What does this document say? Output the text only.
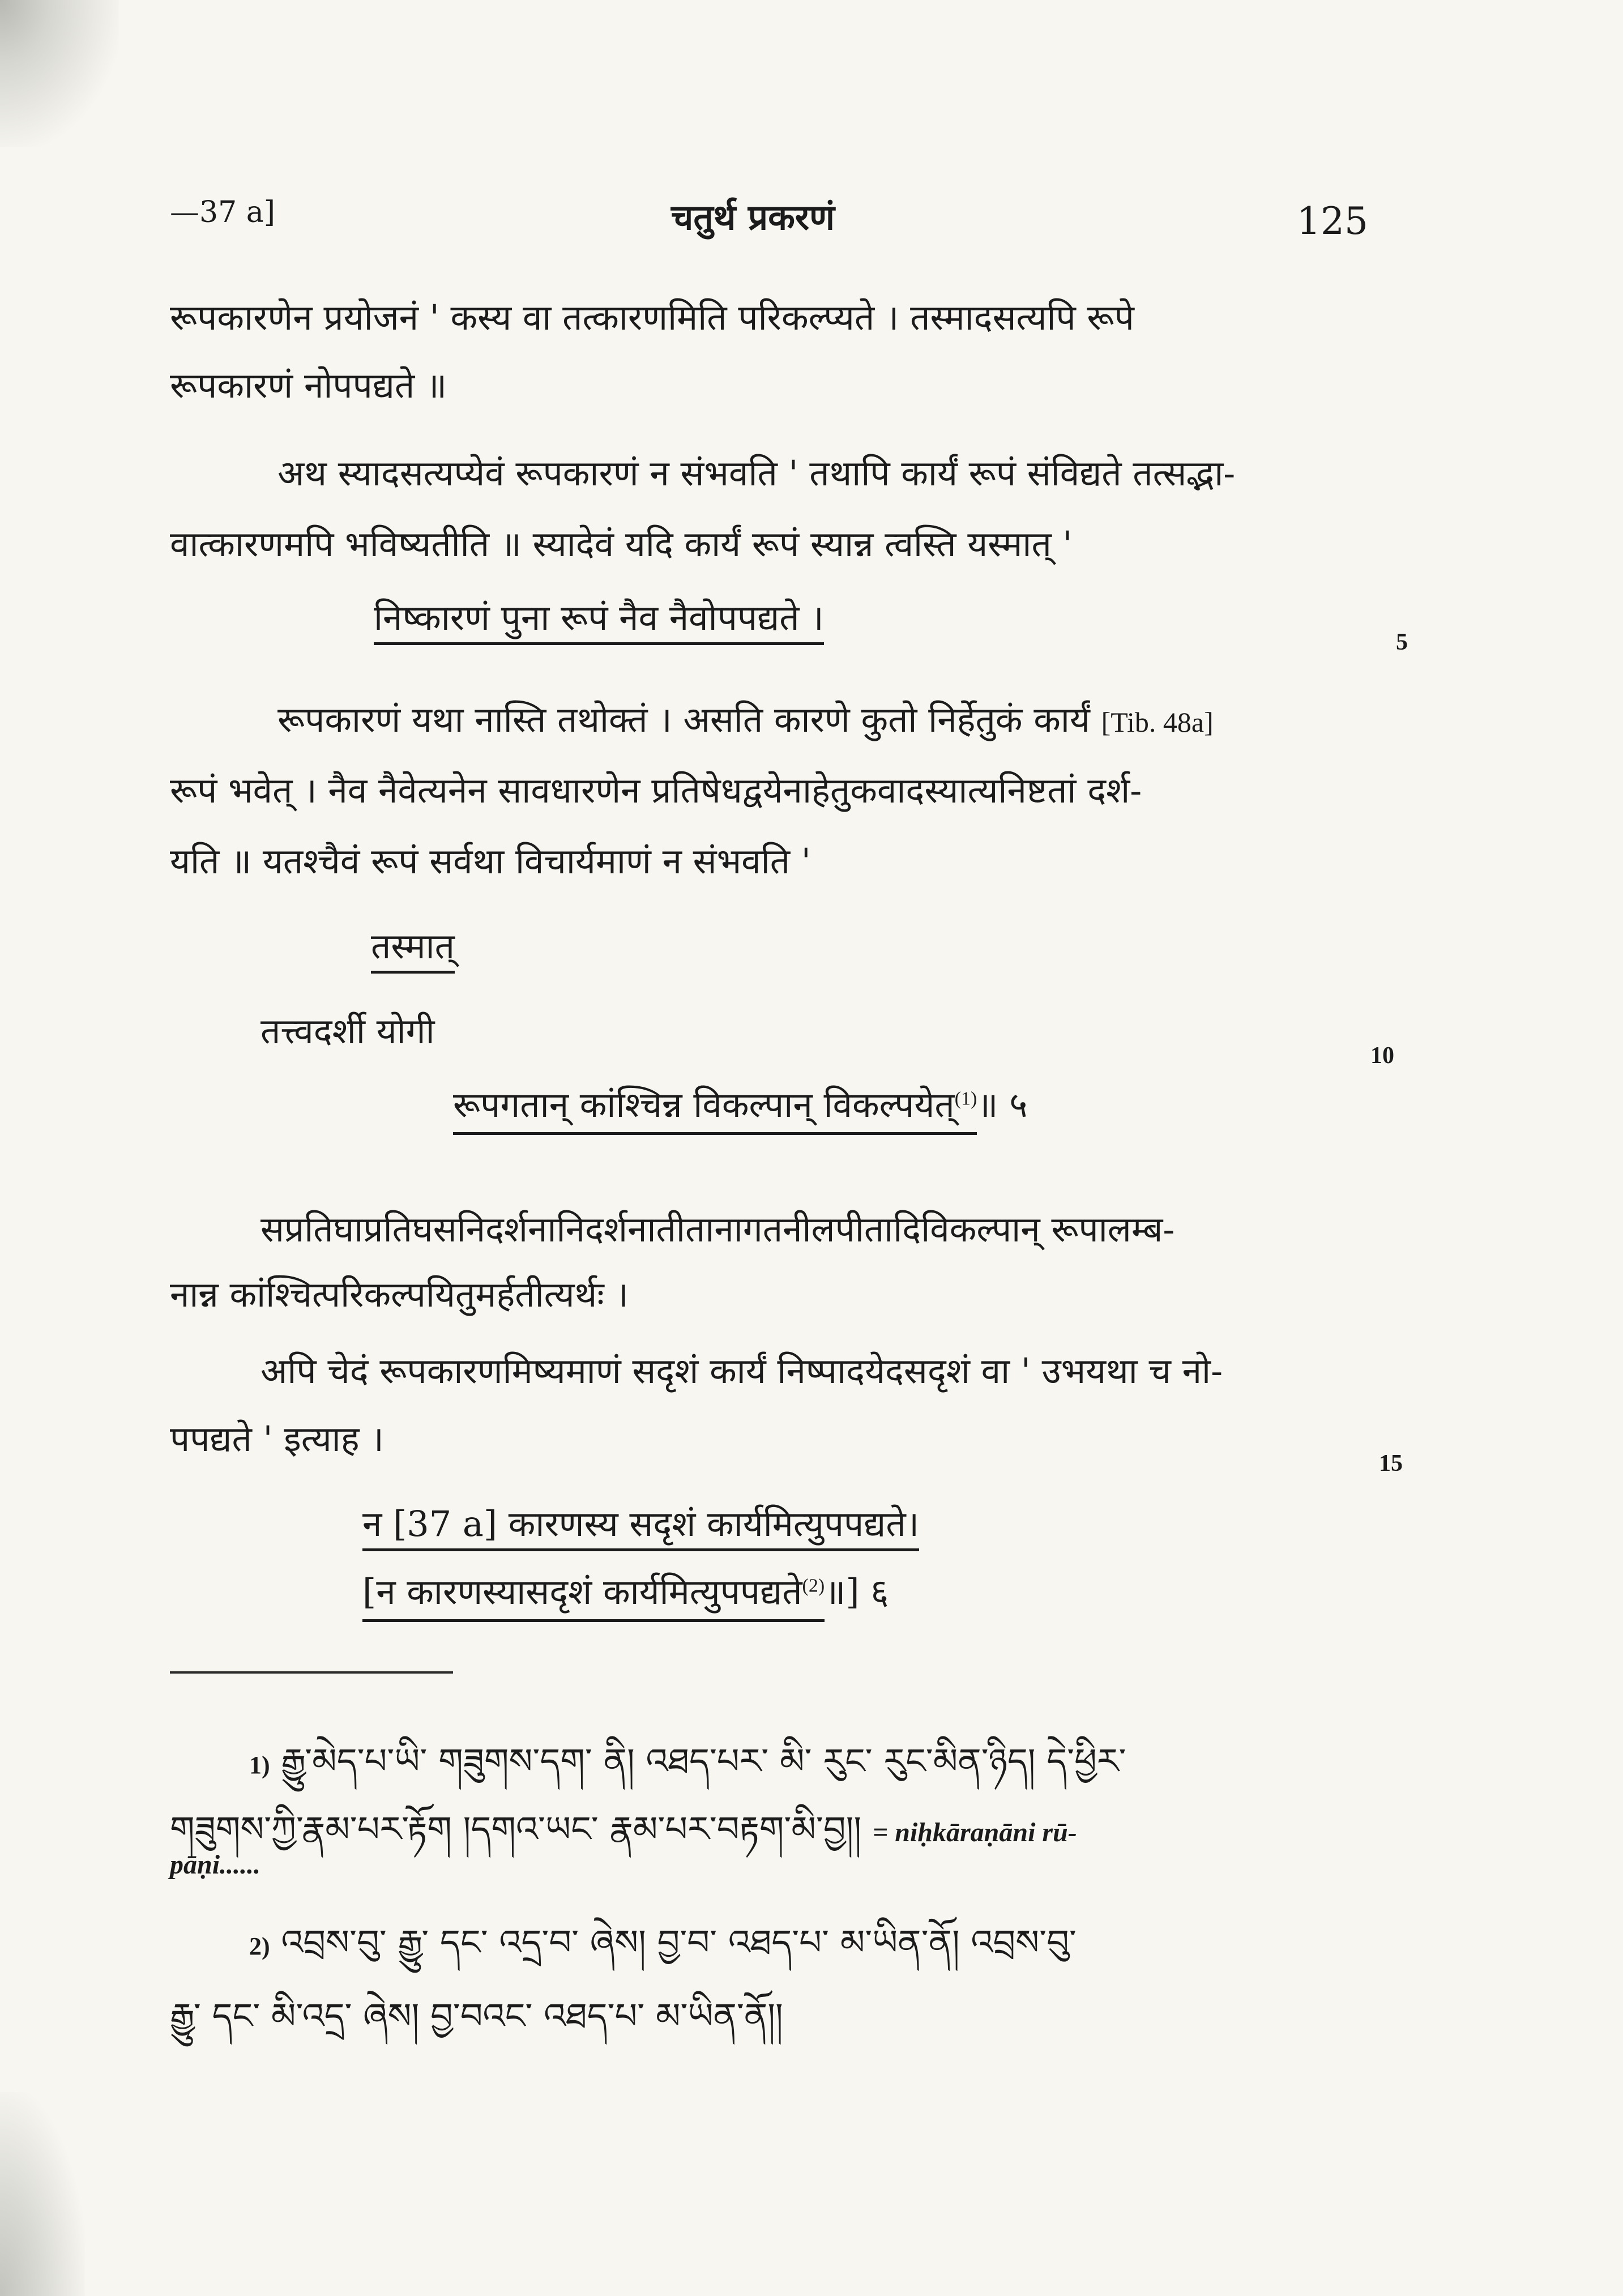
—37 a]	चतुर्थ प्रकरणं	125
रूपकारणेन प्रयोजनं ' कस्य वा तत्कारणमिति परिकल्प्यते । तस्मादसत्यपि रूपे
रूपकारणं नोपपद्यते ॥
अथ स्यादसत्यप्येवं रूपकारणं न संभवति ' तथापि कार्यं रूपं संविद्यते तत्सद्भा-
वात्कारणमपि भविष्यतीति ॥ स्यादेवं यदि कार्यं रूपं स्यान्न त्वस्ति यस्मात् '
निष्कारणं पुना रूपं नैव नैवोपपद्यते ।
5
रूपकारणं यथा नास्ति तथोक्तं । असति कारणे कुतो निर्हेतुकं कार्यं [Tib. 48a]
रूपं भवेत् । नैव नैवेत्यनेन सावधारणेन प्रतिषेधद्वयेनाहेतुकवादस्यात्यनिष्टतां दर्श-
यति ॥ यतश्चैवं रूपं सर्वथा विचार्यमाणं न संभवति '
तस्मात्
तत्त्वदर्शी योगी
10
रूपगतान् कांश्चिन्न विकल्पान् विकल्पयेत्$^{(1)}$॥ ५
सप्रतिघाप्रतिघसनिदर्शनानिदर्शनातीतानागतनीलपीतादिविकल्पान् रूपालम्ब-
नान्न कांश्चित्परिकल्पयितुमर्हतीत्यर्थः ।
अपि चेदं रूपकारणमिष्यमाणं सदृशं कार्यं निष्पादयेदसदृशं वा ' उभयथा च नो-
पपद्यते ' इत्याह ।
15
न [37 a] कारणस्य सदृशं कार्यमित्युपपद्यते।
[न कारणस्यासदृशं कार्यमित्युपपद्यते$^{(2)}$॥] ६
1) རྒྱུ་མེད་པ་ཡི་ གཟུགས་དག་ ནི། འཐད་པར་ མི་ རུང་ རུང་མིན་ཉིད། དེ་ཕྱིར་
གཟུགས་ཀྱི་རྣམ་པར་རྟོག །དགའ་ཡང་ རྣམ་པར་བརྟག་མི་བྱ།། = niḥkāraṇāni rū-
pāṇi......
2) འབྲས་བུ་ རྒྱུ་ དང་ འདྲ་བ་ ཞེས། བྱ་བ་ འཐད་པ་ མ་ཡིན་ནོ། འབྲས་བུ་
རྒྱུ་ དང་ མི་འདྲ་ ཞེས། བྱ་བའང་ འཐད་པ་ མ་ཡིན་ནོ།།
